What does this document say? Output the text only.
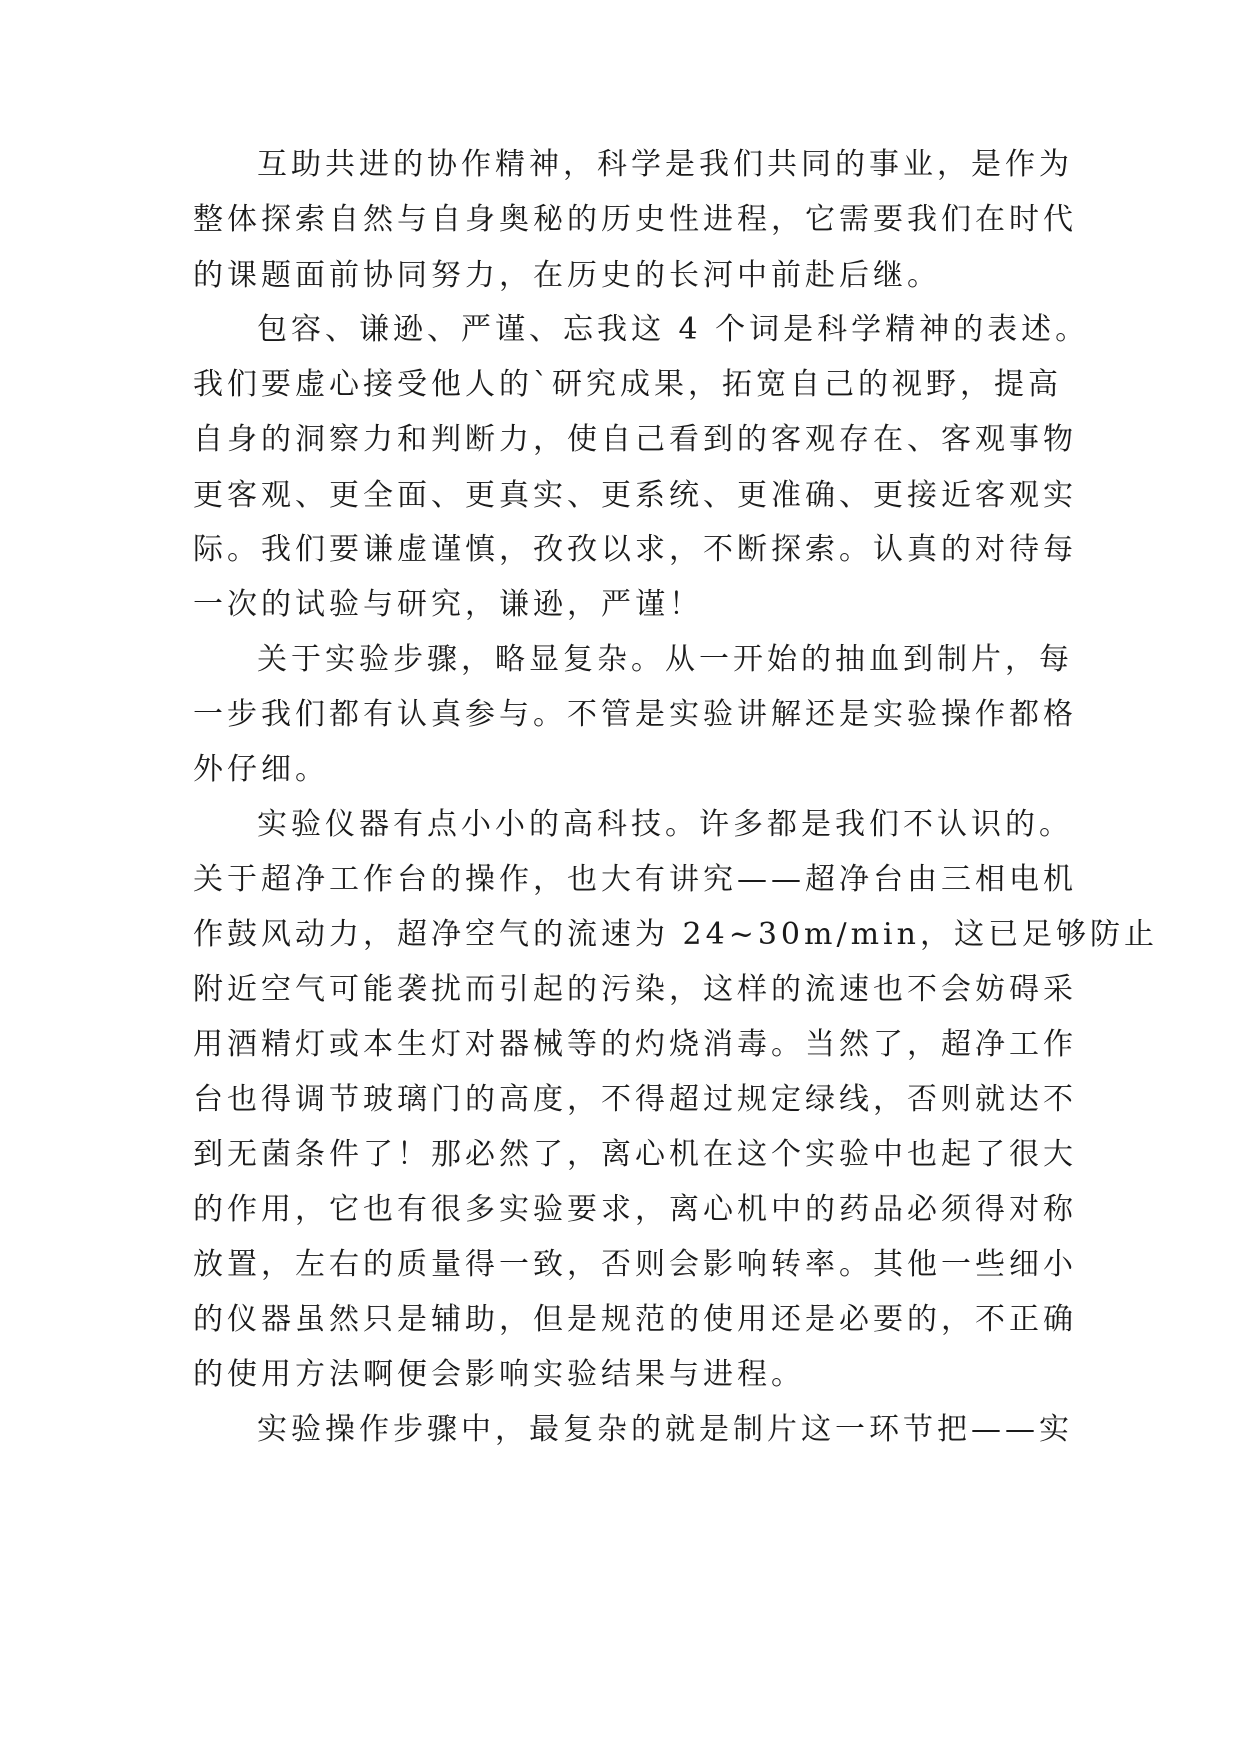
互助共进的协作精神，科学是我们共同的事业，是作为
整体探索自然与自身奥秘的历史性进程，它需要我们在时代
的课题面前协同努力，在历史的长河中前赴后继。
包容、谦逊、严谨、忘我这 4 个词是科学精神的表述。
我们要虚心接受他人的`研究成果，拓宽自己的视野，提高
自身的洞察力和判断力，使自己看到的客观存在、客观事物
更客观、更全面、更真实、更系统、更准确、更接近客观实
际。我们要谦虚谨慎，孜孜以求，不断探索。认真的对待每
一次的试验与研究，谦逊，严谨！
关于实验步骤，略显复杂。从一开始的抽血到制片，每
一步我们都有认真参与。不管是实验讲解还是实验操作都格
外仔细。
实验仪器有点小小的高科技。许多都是我们不认识的。
关于超净工作台的操作，也大有讲究——超净台由三相电机
作鼓风动力，超净空气的流速为 24~30m/min，这已足够防止
附近空气可能袭扰而引起的污染，这样的流速也不会妨碍采
用酒精灯或本生灯对器械等的灼烧消毒。当然了，超净工作
台也得调节玻璃门的高度，不得超过规定绿线，否则就达不
到无菌条件了！那必然了，离心机在这个实验中也起了很大
的作用，它也有很多实验要求，离心机中的药品必须得对称
放置，左右的质量得一致，否则会影响转率。其他一些细小
的仪器虽然只是辅助，但是规范的使用还是必要的，不正确
的使用方法啊便会影响实验结果与进程。
实验操作步骤中，最复杂的就是制片这一环节把——实
